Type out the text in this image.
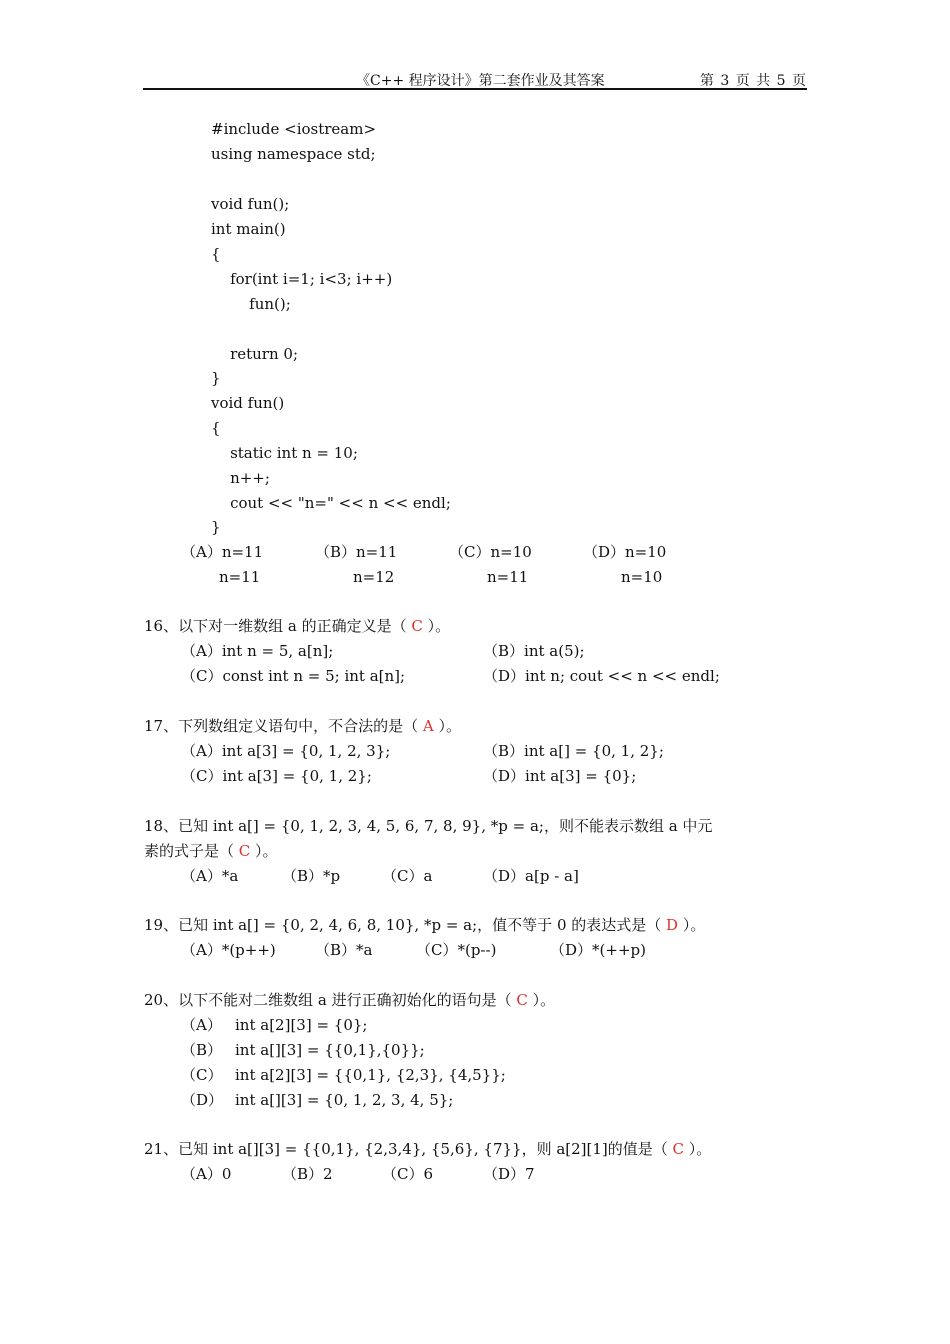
《C++ 程序设计》第二套作业及其答案	第 3 页 共 5 页
#include <iostream>
using namespace std;
void fun();
int main()
{
for(int i=1; i<3; i++)
fun();
return 0;
}
void fun()
{
static int n = 10;
n++;
cout << "n=" << n << endl;
}
（A）n=11
n=11
（B）n=11
n=12
（C）n=10
n=11
（D）n=10
n=10
16、以下对一维数组 a 的正确定义是（ C ）。
（A）int n = 5, a[n];	（B）int a(5);
（C）const int n = 5; int a[n];	（D）int n; cout << n << endl;
17、下列数组定义语句中，不合法的是（ A ）。
（A）int a[3] = {0, 1, 2, 3};	（B）int a[] = {0, 1, 2};
（C）int a[3] = {0, 1, 2};	（D）int a[3] = {0};
18、已知 int a[] = {0, 1, 2, 3, 4, 5, 6, 7, 8, 9}, *p = a;，则不能表示数组 a 中元
素的式子是（ C ）。
（A）*a	（B）*p	（C）a	（D）a[p - a]
19、已知 int a[] = {0, 2, 4, 6, 8, 10}, *p = a;，值不等于 0 的表达式是（ D ）。
（A）*(p++)	（B）*a	（C）*(p--)	（D）*(++p)
20、以下不能对二维数组 a 进行正确初始化的语句是（ C ）。
（A） int a[2][3] = {0};
（B） int a[][3] = {{0,1},{0}};
（C） int a[2][3] = {{0,1}, {2,3}, {4,5}};
（D） int a[][3] = {0, 1, 2, 3, 4, 5};
21、已知 int a[][3] = {{0,1}, {2,3,4}, {5,6}, {7}}，则 a[2][1]的值是（ C ）。
（A）0	（B）2	（C）6	（D）7
